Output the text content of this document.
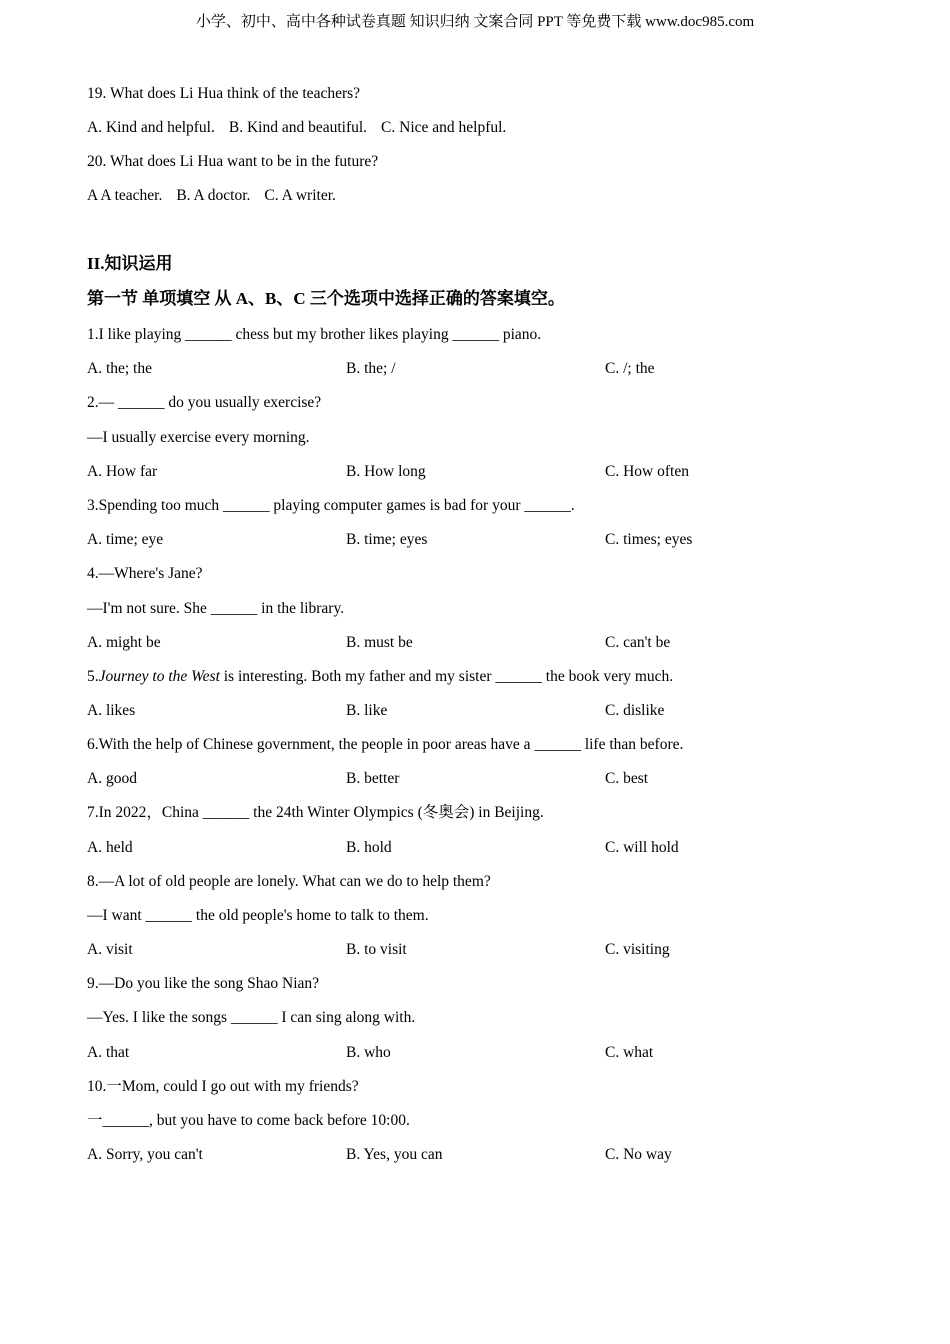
小学、初中、高中各种试卷真题 知识归纳 文案合同 PPT 等免费下载 www.doc985.com
19. What does Li Hua think of the teachers?
A. Kind and helpful. B. Kind and beautiful. C. Nice and helpful.
20. What does Li Hua want to be in the future?
A A teacher. B. A doctor. C. A writer.
II.知识运用
第一节 单项填空 从 A、B、C 三个选项中选择正确的答案填空。
1.I like playing ______ chess but my brother likes playing ______ piano.
A. the; the	B. the; /	C. /; the
2.— ______ do you usually exercise?
—I usually exercise every morning.
A. How far	B. How long	C. How often
3.Spending too much ______ playing computer games is bad for your ______.
A. time; eye	B. time; eyes	C. times; eyes
4.—Where's Jane?
—I'm not sure. She ______ in the library.
A. might be	B. must be	C. can't be
5.Journey to the West is interesting. Both my father and my sister ______ the book very much.
A. likes	B. like	C. dislike
6.With the help of Chinese government, the people in poor areas have a ______ life than before.
A. good	B. better	C. best
7.In 2022，China ______ the 24th Winter Olympics (冬奥会) in Beijing.
A. held	B. hold	C. will hold
8.—A lot of old people are lonely. What can we do to help them?
—I want ______ the old people's home to talk to them.
A. visit	B. to visit	C. visiting
9.—Do you like the song Shao Nian?
—Yes. I like the songs ______ I can sing along with.
A. that	B. who	C. what
10.一Mom, could I go out with my friends?
一______, but you have to come back before 10:00.
A. Sorry, you can't	B. Yes, you can	C. No way
